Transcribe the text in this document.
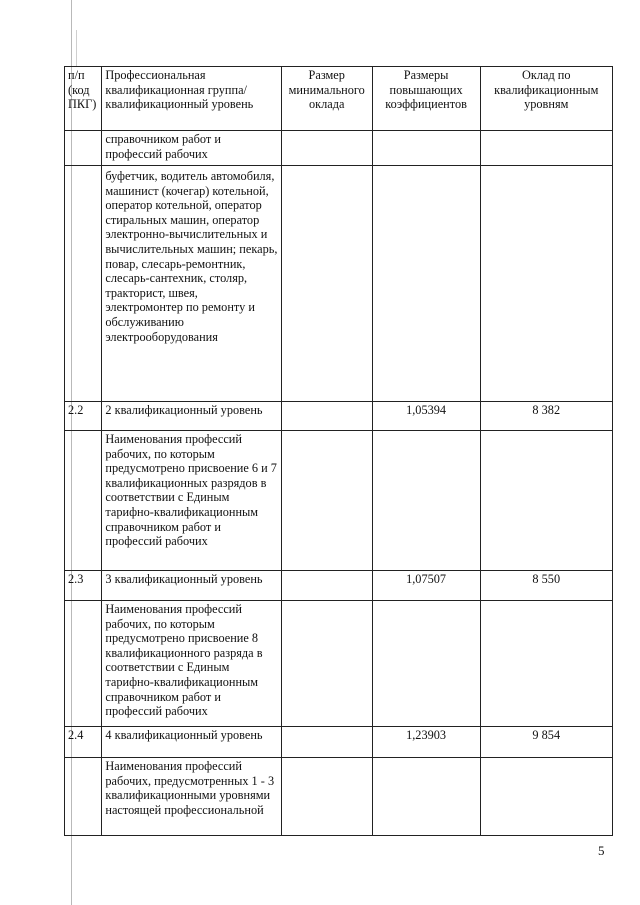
п/п (код ПКГ)	Профессиональная квалификационная группа/квалификационный уровень	Размер минимального оклада	Размеры повышающих коэффициентов	Оклад по квалификационным уровням
	справочником работ и профессий рабочих			
	буфетчик, водитель автомобиля, машинист (кочегар) котельной, оператор котельной, оператор стиральных машин, оператор электронно-вычислительных и вычислительных машин; пекарь, повар, слесарь-ремонтник, слесарь-сантехник, столяр, тракторист, швея, электромонтер по ремонту и обслуживанию электрооборудования			
2.2	2 квалификационный уровень		1,05394	8 382
	Наименования профессий рабочих, по которым предусмотрено присвоение 6 и 7 квалификационных разрядов в соответствии с Единым тарифно-квалификационным справочником работ и профессий рабочих			
2.3	3 квалификационный уровень		1,07507	8 550
	Наименования профессий рабочих, по которым предусмотрено присвоение 8 квалификационного разряда в соответствии с Единым тарифно-квалификационным справочником работ и профессий рабочих			
2.4	4 квалификационный уровень		1,23903	9 854
	Наименования профессий рабочих, предусмотренных 1 - 3 квалификационными уровнями настоящей профессиональной			
5
